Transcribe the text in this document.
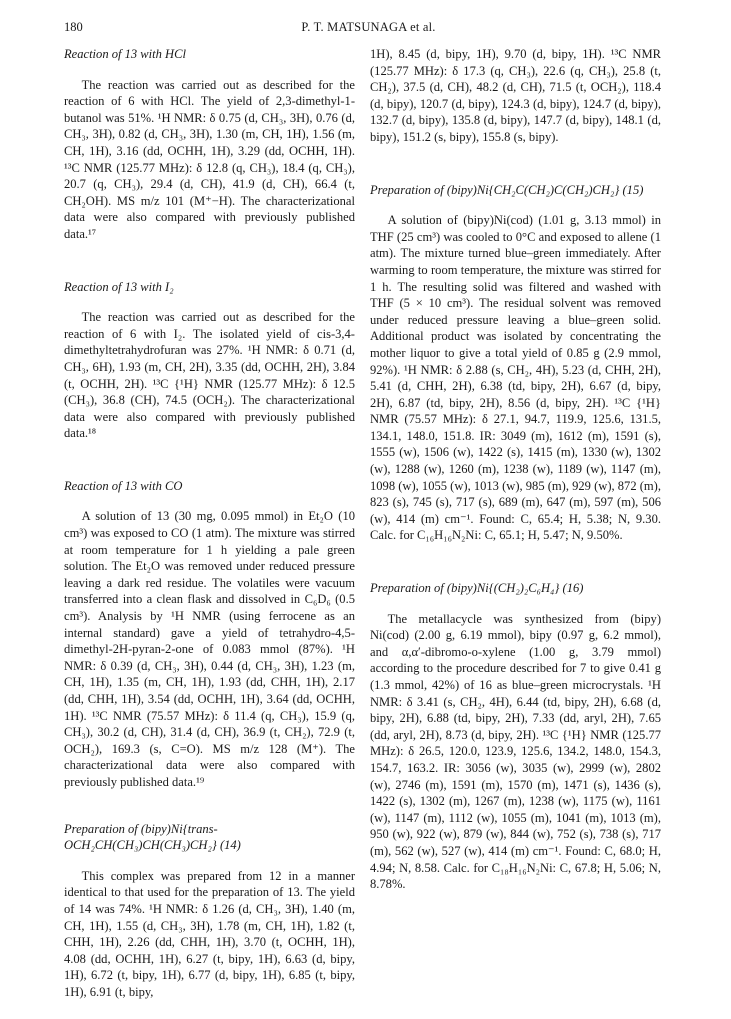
180	P. T. MATSUNAGA et al.
Reaction of 13 with HCl

The reaction was carried out as described for the reaction of 6 with HCl. The yield of 2,3-dimethyl-1-butanol was 51%. ¹H NMR: δ 0.75 (d, CH₃, 3H), 0.76 (d, CH₃, 3H), 0.82 (d, CH₃, 3H), 1.30 (m, CH, 1H), 1.56 (m, CH, 1H), 3.16 (dd, OCHH, 1H), 3.29 (dd, OCHH, 1H). ¹³C NMR (125.77 MHz): δ 12.8 (q, CH₃), 18.4 (q, CH₃), 20.7 (q, CH₃), 29.4 (d, CH), 41.9 (d, CH), 66.4 (t, CH₂OH). MS m/z 101 (M⁺−H). The characterizational data were also compared with previously published data.¹⁷

Reaction of 13 with I₂

The reaction was carried out as described for the reaction of 6 with I₂. The isolated yield of cis-3,4-dimethyltetrahydrofuran was 27%. ¹H NMR: δ 0.71 (d, CH₃, 6H), 1.93 (m, CH, 2H), 3.35 (dd, OCHH, 2H), 3.84 (t, OCHH, 2H). ¹³C {¹H} NMR (125.77 MHz): δ 12.5 (CH₃), 36.8 (CH), 74.5 (OCH₂). The characterizational data were also compared with previously published data.¹⁸

Reaction of 13 with CO

A solution of 13 (30 mg, 0.095 mmol) in Et₂O (10 cm³) was exposed to CO (1 atm). The mixture was stirred at room temperature for 1 h yielding a pale green solution. The Et₂O was removed under reduced pressure leaving a dark red residue. The volatiles were vacuum transferred into a clean flask and dissolved in C₆D₆ (0.5 cm³). Analysis by ¹H NMR (using ferrocene as an internal standard) gave a yield of tetrahydro-4,5-dimethyl-2H-pyran-2-one of 0.083 mmol (87%). ¹H NMR: δ 0.39 (d, CH₃, 3H), 0.44 (d, CH₃, 3H), 1.23 (m, CH, 1H), 1.35 (m, CH, 1H), 1.93 (dd, CHH, 1H), 2.17 (dd, CHH, 1H), 3.54 (dd, OCHH, 1H), 3.64 (dd, OCHH, 1H). ¹³C NMR (75.57 MHz): δ 11.4 (q, CH₃), 15.9 (q, CH₃), 30.2 (d, CH), 31.4 (d, CH), 36.9 (t, CH₂), 72.9 (t, OCH₂), 169.3 (s, C=O). MS m/z 128 (M⁺). The characterizational data were also compared with previously published data.¹⁹

Preparation of (bipy)Ni{trans-OCH₂CH(CH₃)CH(CH₃)CH₂} (14)

This complex was prepared from 12 in a manner identical to that used for the preparation of 13. The yield of 14 was 74%. ¹H NMR: δ 1.26 (d, CH₃, 3H), 1.40 (m, CH, 1H), 1.55 (d, CH₃, 3H), 1.78 (m, CH, 1H), 1.82 (t, CHH, 1H), 2.26 (dd, CHH, 1H), 3.70 (t, OCHH, 1H), 4.08 (dd, OCHH, 1H), 6.27 (t, bipy, 1H), 6.63 (d, bipy, 1H), 6.72 (t, bipy, 1H), 6.77 (d, bipy, 1H), 6.85 (t, bipy, 1H), 6.91 (t, bipy,

1H), 8.45 (d, bipy, 1H), 9.70 (d, bipy, 1H). ¹³C NMR (125.77 MHz): δ 17.3 (q, CH₃), 22.6 (q, CH₃), 25.8 (t, CH₂), 37.5 (d, CH), 48.2 (d, CH), 71.5 (t, OCH₂), 118.4 (d, bipy), 120.7 (d, bipy), 124.3 (d, bipy), 124.7 (d, bipy), 132.7 (d, bipy), 135.8 (d, bipy), 147.7 (d, bipy), 148.1 (d, bipy), 151.2 (s, bipy), 155.8 (s, bipy).

Preparation of (bipy)Ni{CH₂C(CH₂)C(CH₂)CH₂} (15)

A solution of (bipy)Ni(cod) (1.01 g, 3.13 mmol) in THF (25 cm³) was cooled to 0°C and exposed to allene (1 atm). The mixture turned blue–green immediately. After warming to room temperature, the mixture was stirred for 1 h. The resulting solid was filtered and washed with THF (5 × 10 cm³). The residual solvent was removed under reduced pressure leaving a blue–green solid. Additional product was isolated by concentrating the mother liquor to give a total yield of 0.85 g (2.9 mmol, 92%). ¹H NMR: δ 2.88 (s, CH₂, 4H), 5.23 (d, CHH, 2H), 5.41 (d, CHH, 2H), 6.38 (td, bipy, 2H), 6.67 (d, bipy, 2H), 6.87 (td, bipy, 2H), 8.56 (d, bipy, 2H). ¹³C {¹H} NMR (75.57 MHz): δ 27.1, 94.7, 119.9, 125.6, 131.5, 134.1, 148.0, 151.8. IR: 3049 (m), 1612 (m), 1591 (s), 1555 (w), 1506 (w), 1422 (s), 1415 (m), 1330 (w), 1302 (w), 1288 (w), 1260 (m), 1238 (w), 1189 (w), 1147 (m), 1098 (w), 1055 (w), 1013 (w), 985 (m), 929 (w), 872 (m), 823 (s), 745 (s), 717 (s), 689 (m), 647 (m), 597 (m), 506 (w), 414 (m) cm⁻¹. Found: C, 65.4; H, 5.38; N, 9.30. Calc. for C₁₆H₁₆N₂Ni: C, 65.1; H, 5.47; N, 9.50%.

Preparation of (bipy)Ni{(CH₂)₂C₆H₄} (16)

The metallacycle was synthesized from (bipy) Ni(cod) (2.00 g, 6.19 mmol), bipy (0.97 g, 6.2 mmol), and α,α′-dibromo-o-xylene (1.00 g, 3.79 mmol) according to the procedure described for 7 to give 0.41 g (1.3 mmol, 42%) of 16 as blue–green microcrystals. ¹H NMR: δ 3.41 (s, CH₂, 4H), 6.44 (td, bipy, 2H), 6.68 (d, bipy, 2H), 6.88 (td, bipy, 2H), 7.33 (dd, aryl, 2H), 7.65 (dd, aryl, 2H), 8.73 (d, bipy, 2H). ¹³C {¹H} NMR (125.77 MHz): δ 26.5, 120.0, 123.9, 125.6, 134.2, 148.0, 154.3, 154.7, 163.2. IR: 3056 (w), 3035 (w), 2999 (w), 2802 (w), 2746 (m), 1591 (m), 1570 (m), 1471 (s), 1436 (s), 1422 (s), 1302 (m), 1267 (m), 1238 (w), 1175 (w), 1161 (w), 1147 (m), 1112 (w), 1055 (m), 1041 (m), 1013 (m), 950 (w), 922 (w), 879 (w), 844 (w), 752 (s), 738 (s), 717 (m), 562 (w), 527 (w), 414 (m) cm⁻¹. Found: C, 68.0; H, 4.94; N, 8.58. Calc. for C₁₈H₁₆N₂Ni: C, 67.8; H, 5.06; N, 8.78%.
